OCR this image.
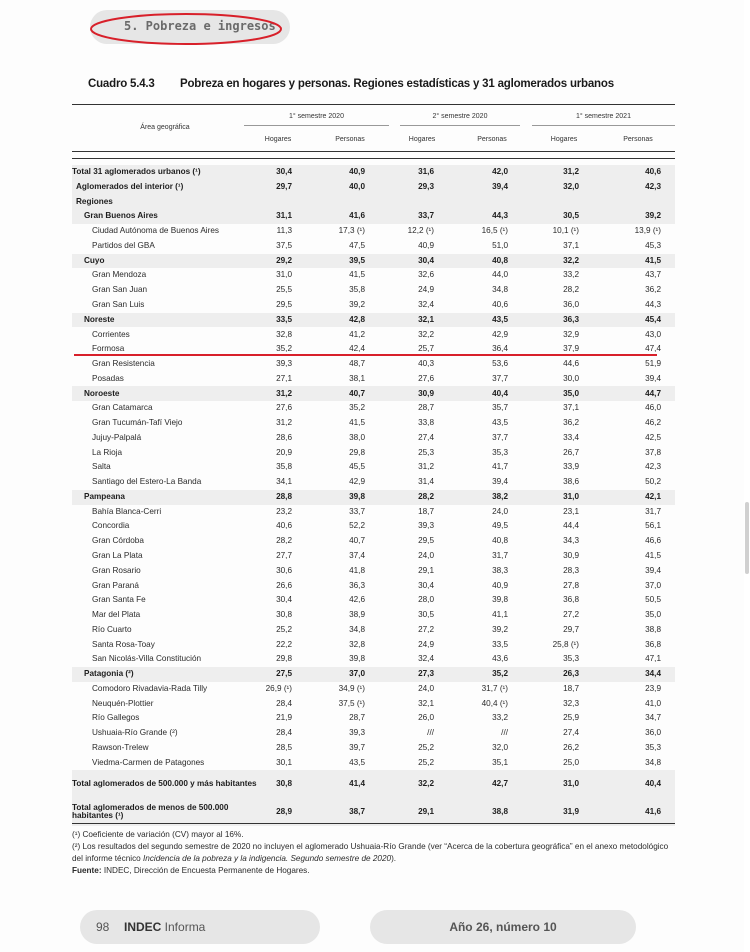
5. Pobreza e ingresos
Cuadro 5.4.3 Pobreza en hogares y personas. Regiones estadísticas y 31 aglomerados urbanos
Área geográfica
1° semestre 2020	2° semestre 2020	1° semestre 2021
Hogares	Personas	Hogares	Personas	Hogares	Personas
Total 31 aglomerados urbanos (¹)	30,4	40,9	31,6	42,0	31,2	40,6
Aglomerados del interior (¹)	29,7	40,0	29,3	39,4	32,0	42,3
Regiones						
Gran Buenos Aires	31,1	41,6	33,7	44,3	30,5	39,2
Ciudad Autónoma de Buenos Aires	11,3	17,3 (¹)	12,2 (¹)	16,5 (¹)	10,1 (¹)	13,9 (¹)
Partidos del GBA	37,5	47,5	40,9	51,0	37,1	45,3
Cuyo	29,2	39,5	30,4	40,8	32,2	41,5
Gran Mendoza	31,0	41,5	32,6	44,0	33,2	43,7
Gran San Juan	25,5	35,8	24,9	34,8	28,2	36,2
Gran San Luis	29,5	39,2	32,4	40,6	36,0	44,3
Noreste	33,5	42,8	32,1	43,5	36,3	45,4
Corrientes	32,8	41,2	32,2	42,9	32,9	43,0
Formosa	35,2	42,4	25,7	36,4	37,9	47,4
Gran Resistencia	39,3	48,7	40,3	53,6	44,6	51,9
Posadas	27,1	38,1	27,6	37,7	30,0	39,4
Noroeste	31,2	40,7	30,9	40,4	35,0	44,7
Gran Catamarca	27,6	35,2	28,7	35,7	37,1	46,0
Gran Tucumán-Tafí Viejo	31,2	41,5	33,8	43,5	36,2	46,2
Jujuy-Palpalá	28,6	38,0	27,4	37,7	33,4	42,5
La Rioja	20,9	29,8	25,3	35,3	26,7	37,8
Salta	35,8	45,5	31,2	41,7	33,9	42,3
Santiago del Estero-La Banda	34,1	42,9	31,4	39,4	38,6	50,2
Pampeana	28,8	39,8	28,2	38,2	31,0	42,1
Bahía Blanca-Cerri	23,2	33,7	18,7	24,0	23,1	31,7
Concordia	40,6	52,2	39,3	49,5	44,4	56,1
Gran Córdoba	28,2	40,7	29,5	40,8	34,3	46,6
Gran La Plata	27,7	37,4	24,0	31,7	30,9	41,5
Gran Rosario	30,6	41,8	29,1	38,3	28,3	39,4
Gran Paraná	26,6	36,3	30,4	40,9	27,8	37,0
Gran Santa Fe	30,4	42,6	28,0	39,8	36,8	50,5
Mar del Plata	30,8	38,9	30,5	41,1	27,2	35,0
Río Cuarto	25,2	34,8	27,2	39,2	29,7	38,8
Santa Rosa-Toay	22,2	32,8	24,9	33,5	25,8 (¹)	36,8
San Nicolás-Villa Constitución	29,8	39,8	32,4	43,6	35,3	47,1
Patagonia (²)	27,5	37,0	27,3	35,2	26,3	34,4
Comodoro Rivadavia-Rada Tilly	26,9 (¹)	34,9 (¹)	24,0	31,7 (¹)	18,7	23,9
Neuquén-Plottier	28,4	37,5 (¹)	32,1	40,4 (¹)	32,3	41,0
Río Gallegos	21,9	28,7	26,0	33,2	25,9	34,7
Ushuaia-Río Grande (²)	28,4	39,3	///	///	27,4	36,0
Rawson-Trelew	28,5	39,7	25,2	32,0	26,2	35,3
Viedma-Carmen de Patagones	30,1	43,5	25,2	35,1	25,0	34,8
Total aglomerados de 500.000 y más habitantes	30,8	41,4	32,2	42,7	31,0	40,4
Total aglomerados de menos de 500.000 habitantes (¹)	28,9	38,7	29,1	38,8	31,9	41,6

(¹) Coeficiente de variación (CV) mayor al 16%.

(²) Los resultados del segundo semestre de 2020 no incluyen el aglomerado Ushuaia-Río Grande (ver “Acerca de la cobertura geográfica” en el anexo metodológico del informe técnico Incidencia de la pobreza y la indigencia. Segundo semestre de 2020).

Fuente: INDEC, Dirección de Encuesta Permanente de Hogares.

98 INDEC Informa	Año 26, número 10
